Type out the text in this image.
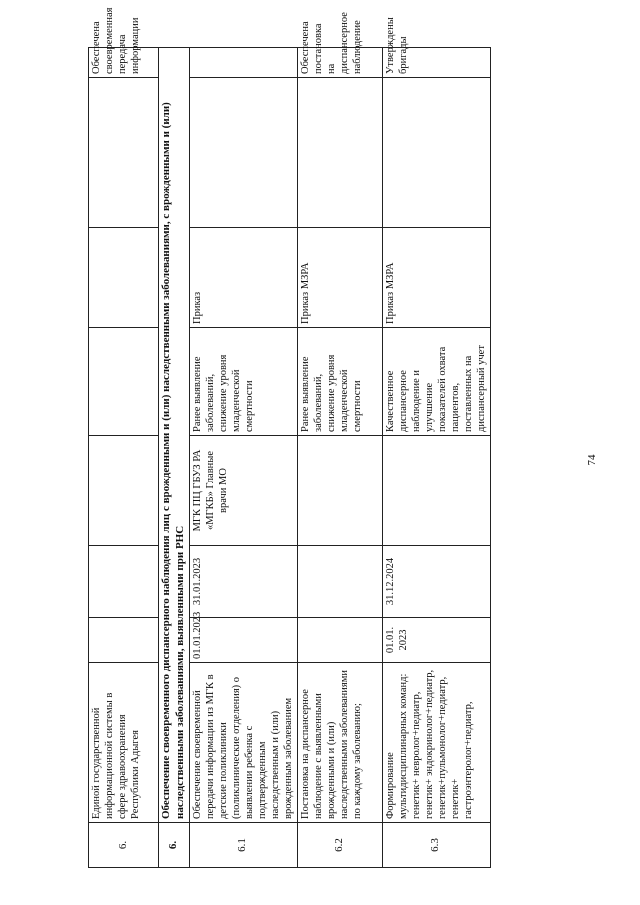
6.	Единой государственной информационной системы в сфере здравоохранения Республики Адыгея							Обеспечена своевременная передача информации
6.	Обеспечение своевременного диспансерного наблюдения лиц с врожденными и (или) наследственными заболеваниями, с врожденными и (или) наследственными заболеваниями, выявленными при РНС							
6.1	Обеспечение своевременной передачи информации из МГК в детские поликлиники (поликлинические отделения) о выявлении ребенка с подтвержденным наследственным и (или) врожденным заболеванием	01.01.2023	31.01.2023	МГК ПЦ ГБУЗ РА «МГКБ» Главные врачи МО	Ранее выявление заболеваний, снижение уровня младенческой смертности	Приказ		
6.2	Постановка на диспансерное наблюдение с выявленными врожденными и (или) наследственными заболеваниями по каждому заболеванию;				Ранее выявление заболеваний, снижение уровня младенческой смертности	Приказ МЗРА		Обеспечена постановка на диспансерное наблюдение
6.3	Формирование мультидисциплинарных команд: генетик+ невролог+педиатр, генетик+ эндокринолог+педиатр, генетик+пульмонолог+педиатр, генетик+ гастроэнтеролог+педиатр,	01.01. 2023	31.12.2024		Качественное диспансерное наблюдение и улучшение показателей охвата пациентов, поставленных на диспансерный учет	Приказ МЗРА		Утверждены бригады
74
